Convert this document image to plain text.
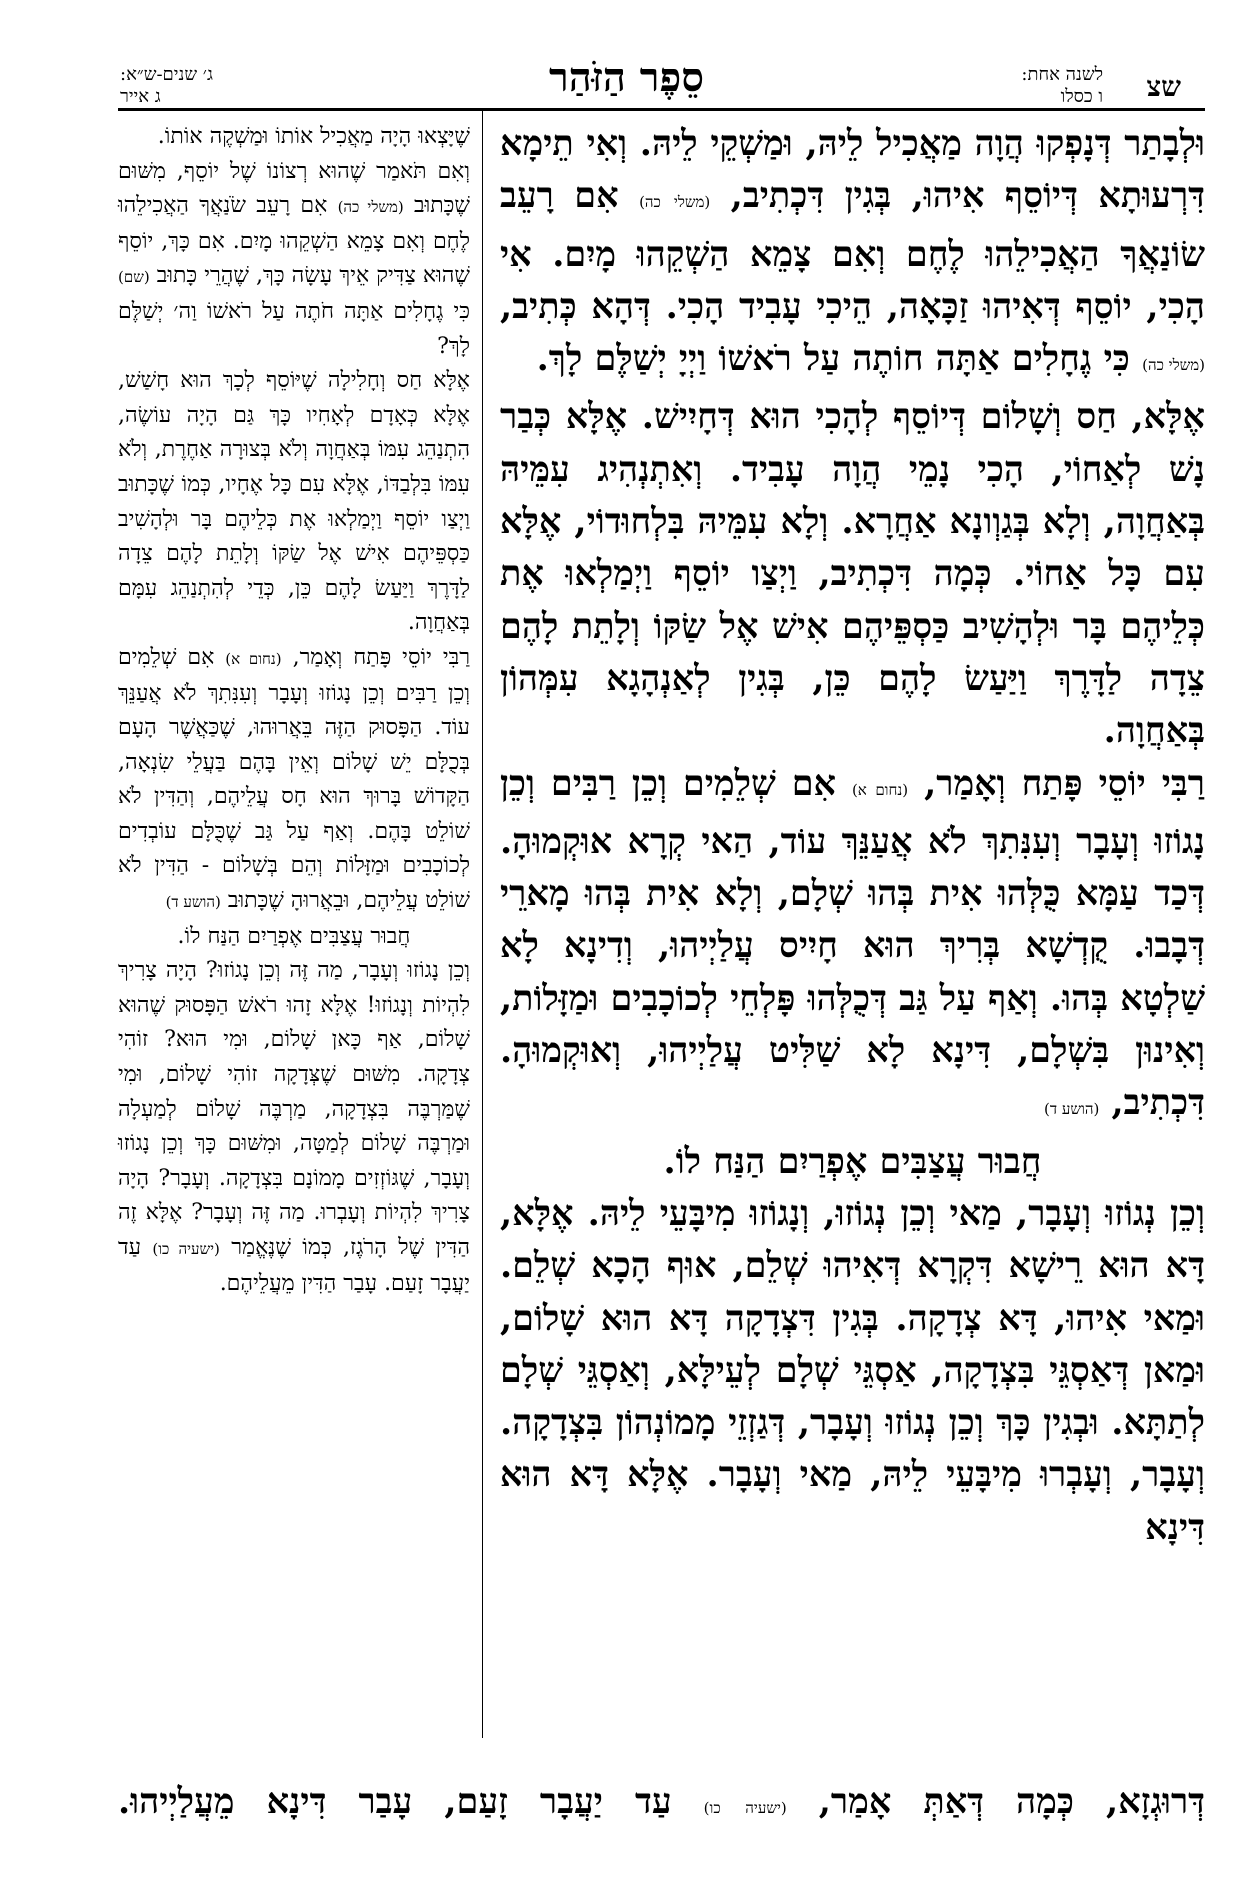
שצ
לשנה אחת:
ו כסלו
סֵפֶר הַזֹּהַר
ג׳ שנים-ש״א:
ג אייר

וּלְבָתַר דְּנָפְקוּ הֲוָה מַאֲכִיל לֵיהּ, וּמַשְׁקֵי לֵיהּ. וְאִי תֵימָא דִּרְעוּתָא דְּיוֹסֵף אִיהוּ, בְּגִין דִּכְתִיב, (משלי כה) אִם רָעֵב שׂוֹנַאֲךָ הַאֲכִילֵהוּ לֶחֶם וְאִם צָמֵא הַשְׁקֵהוּ מָיִם. אִי הָכִי, יוֹסֵף דְּאִיהוּ זַכָּאָה, הֵיכִי עָבִיד הָכִי. דְּהָא כְּתִיב, (משלי כה) כִּי גֶחָלִים אַתָּה חוֹתֶה עַל רֹאשׁוֹ וַיְיָ יְשַׁלֶּם לָךְ.

אֶלָּא, חַס וְשָׁלוֹם דְּיוֹסֵף לְהָכִי הוּא דְּחָיִישׁ. אֶלָּא כְּבַר נָשׁ לְאַחוֹי, הָכִי נָמֵי הֲוָה עָבִיד. וְאִתְנְהִיג עִמֵּיהּ בְּאַחֲוָה, וְלָא בְּגַוְונָא אַחֲרָא. וְלָא עִמֵּיהּ בִּלְחוּדוֹי, אֶלָּא עִם כָּל אַחוֹי. כְּמָה דִּכְתִיב, וַיְצַו יוֹסֵף וַיְמַלְאוּ אֶת כְּלֵיהֶם בָּר וּלְהָשִׁיב כַּסְפֵּיהֶם אִישׁ אֶל שַׂקּוֹ וְלָתֵת לָהֶם צֵדָה לַדָּרֶךְ וַיַּעַשׂ לָהֶם כֵּן, בְּגִין לְאַנְהָגָא עִמְּהוֹן בְּאַחֲוָה.

רַבִּי יוֹסֵי פָּתַח וְאָמַר, (נחום א) אִם שְׁלֵמִים וְכֵן רַבִּים וְכֵן נָגוֹזוּ וְעָבָר וְעִנִּתִךְ לֹא אֲעַנֵּךְ עוֹד, הַאי קְרָא אוּקְמוּהָ. דְּכַד עַמָּא כֻּלְּהוּ אִית בְּהוּ שְׁלָם, וְלָא אִית בְּהוּ מָארֵי דְּבָבוּ. קֻדְשָׁא בְּרִיךְ הוּא חָיִיס עֲלַיְיהוּ, וְדִינָא לָא שַׁלְטָא בְּהוּ. וְאַף עַל גַּב דְּכֻלְּהוּ פָּלְחֵי לְכוֹכָבִים וּמַזָּלוֹת, וְאִינוּן בִּשְׁלָם, דִּינָא לָא שַׁלִּיט עֲלַיְיהוּ, וְאוּקְמוּהָ. דִּכְתִיב, (הושע ד)

חֲבוּר עֲצַבִּים אֶפְרַיִם הַנַּח לוֹ.

וְכֵן נְגוֹזוּ וְעָבָר, מַאי וְכֵן נְגוֹזוּ, וְנָגוֹזוּ מִיבָּעֵי לֵיהּ. אֶלָּא, דָּא הוּא רֵישָׁא דִּקְרָא דְּאִיהוּ שְׁלֵם, אוּף הָכָא שְׁלֵם. וּמַאי אִיהוּ, דָּא צְדָקָה. בְּגִין דִּצְדָקָה דָּא הוּא שָׁלוֹם, וּמַאן דְּאַסְגֵּי בִּצְדָקָה, אַסְגֵּי שְׁלָם לְעֵילָּא, וְאַסְגֵּי שְׁלָם לְתַתָּא. וּבְגִין כָּךְ וְכֵן נְגוֹזוּ וְעָבָר, דְּגַזְזֵי מָמוֹנְהוֹן בִּצְדָקָה. וְעָבָר, וְעָבְרוּ מִיבָּעֵי לֵיהּ, מַאי וְעָבָר. אֶלָּא דָּא הוּא דִּינָא

שֶׁיָּצְאוּ הָיָה מַאֲכִיל אוֹתוֹ וּמַשְׁקֶה אוֹתוֹ.

וְאִם תֹּאמַר שֶׁהוּא רְצוֹנוֹ שֶׁל יוֹסֵף, מִשּׁוּם שֶׁכָּתוּב (משלי כה) אִם רָעֵב שֹׂנַאֲךָ הַאֲכִילֵהוּ לֶחֶם וְאִם צָמֵא הַשְׁקֵהוּ מָיִם. אִם כָּךְ, יוֹסֵף שֶׁהוּא צַדִּיק אֵיךְ עָשָׂה כָּךְ, שֶׁהֲרֵי כָּתוּב (שם) כִּי גֶחָלִים אַתָּה חֹתֶה עַל רֹאשׁוֹ וַה׳ יְשַׁלֶּם לָךְ?

אֶלָּא חַס וְחָלִילָה שֶׁיּוֹסֵף לְכָךְ הוּא חָשַׁשׁ, אֶלָּא כְּאָדָם לְאָחִיו כָּךְ גַּם הָיָה עוֹשֶׂה, הִתְנַהֵג עִמּוֹ בְּאַחֲוָה וְלֹא בְּצוּרָה אַחֶרֶת, וְלֹא עִמּוֹ בִּלְבַדּוֹ, אֶלָּא עִם כָּל אֶחָיו, כְּמוֹ שֶׁכָּתוּב וַיְצַו יוֹסֵף וַיְמַלְאוּ אֶת כְּלֵיהֶם בָּר וּלְהָשִׁיב כַּסְפֵּיהֶם אִישׁ אֶל שַׂקּוֹ וְלָתֵת לָהֶם צֵדָה לַדָּרֶךְ וַיַּעַשׂ לָהֶם כֵּן, כְּדֵי לְהִתְנַהֵג עִמָּם בְּאַחֲוָה.

רַבִּי יוֹסֵי פָּתַח וְאָמַר, (נחום א) אִם שְׁלֵמִים וְכֵן רַבִּים וְכֵן נָגוֹזוּ וְעָבָר וְעִנִּתִךְ לֹא אֲעַנֵּךְ עוֹד. הַפָּסוּק הַזֶּה בֵּאֲרוּהוּ, שֶׁכַּאֲשֶׁר הָעָם בְּכֻלָּם יֵשׁ שָׁלוֹם וְאֵין בָּהֶם בַּעֲלֵי שִׂנְאָה, הַקָּדוֹשׁ בָּרוּךְ הוּא חָס עֲלֵיהֶם, וְהַדִּין לֹא שׁוֹלֵט בָּהֶם. וְאַף עַל גַּב שֶׁכֻּלָּם עוֹבְדִים לְכוֹכָבִים וּמַזָּלוֹת וְהֵם בְּשָׁלוֹם - הַדִּין לֹא שׁוֹלֵט עֲלֵיהֶם, וּבֵאֲרוּהָ שֶׁכָּתוּב (הושע ד)

חֲבוּר עֲצַבִּים אֶפְרַיִם הַנַּח לוֹ.

וְכֵן נָגוֹזוּ וְעָבָר, מַה זֶּה וְכֵן נָגוֹזוּ? הָיָה צָרִיךְ לִהְיוֹת וְנָגוֹזוּ! אֶלָּא זָהוּ רֹאשׁ הַפָּסוּק שֶׁהוּא שָׁלוֹם, אַף כָּאן שָׁלוֹם, וּמִי הוּא? זוֹהִי צְדָקָה. מִשּׁוּם שֶׁצְּדָקָה זוֹהִי שָׁלוֹם, וּמִי שֶׁמַּרְבֶּה בִּצְדָקָה, מַרְבֶּה שָׁלוֹם לְמַעְלָה וּמַרְבֶּה שָׁלוֹם לְמַטָּה, וּמִשּׁוּם כָּךְ וְכֵן נָגוֹזוּ וְעָבָר, שֶׁגּוֹזְזִים מָמוֹנָם בִּצְדָקָה. וְעָבָר? הָיָה צָרִיךְ לִהְיוֹת וְעָבְרוּ. מַה זֶּה וְעָבָר? אֶלָּא זֶה הַדִּין שֶׁל הָרֹגֶז, כְּמוֹ שֶׁנֶּאֱמַר (ישעיה כו) עַד יַעֲבָר זָעַם. עָבַר הַדִּין מֵעֲלֵיהֶם.

דְּרוּגְזָא, כְּמָה דְּאַתְּ אָמַר, (ישעיה כו) עַד יַעֲבָר זָעַם, עָבַר דִּינָא מֵעֲלַיְיהוּ.
